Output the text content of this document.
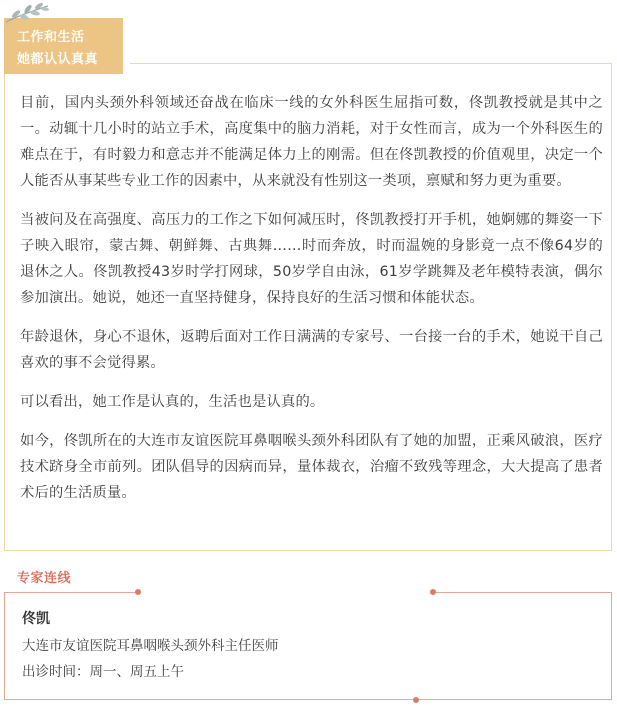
工作和生活
她都认认真真

目前，国内头颈外科领域还奋战在临床一线的女外科医生屈指可数，佟凯教授就是其中之一。动辄十几小时的站立手术，高度集中的脑力消耗，对于女性而言，成为一个外科医生的难点在于，有时毅力和意志并不能满足体力上的刚需。但在佟凯教授的价值观里，决定一个人能否从事某些专业工作的因素中，从来就没有性别这一类项，禀赋和努力更为重要。

当被问及在高强度、高压力的工作之下如何减压时，佟凯教授打开手机，她婀娜的舞姿一下子映入眼帘，蒙古舞、朝鲜舞、古典舞……时而奔放，时而温婉的身影竟一点不像64岁的退休之人。佟凯教授43岁时学打网球，50岁学自由泳，61岁学跳舞及老年模特表演，偶尔参加演出。她说，她还一直坚持健身，保持良好的生活习惯和体能状态。

年龄退休，身心不退休，返聘后面对工作日满满的专家号、一台接一台的手术，她说干自己喜欢的事不会觉得累。

可以看出，她工作是认真的，生活也是认真的。

如今，佟凯所在的大连市友谊医院耳鼻咽喉头颈外科团队有了她的加盟，正乘风破浪，医疗技术跻身全市前列。团队倡导的因病而异，量体裁衣，治瘤不致残等理念，大大提高了患者术后的生活质量。

专家连线
佟凯
大连市友谊医院耳鼻咽喉头颈外科主任医师
出诊时间：周一、周五上午
